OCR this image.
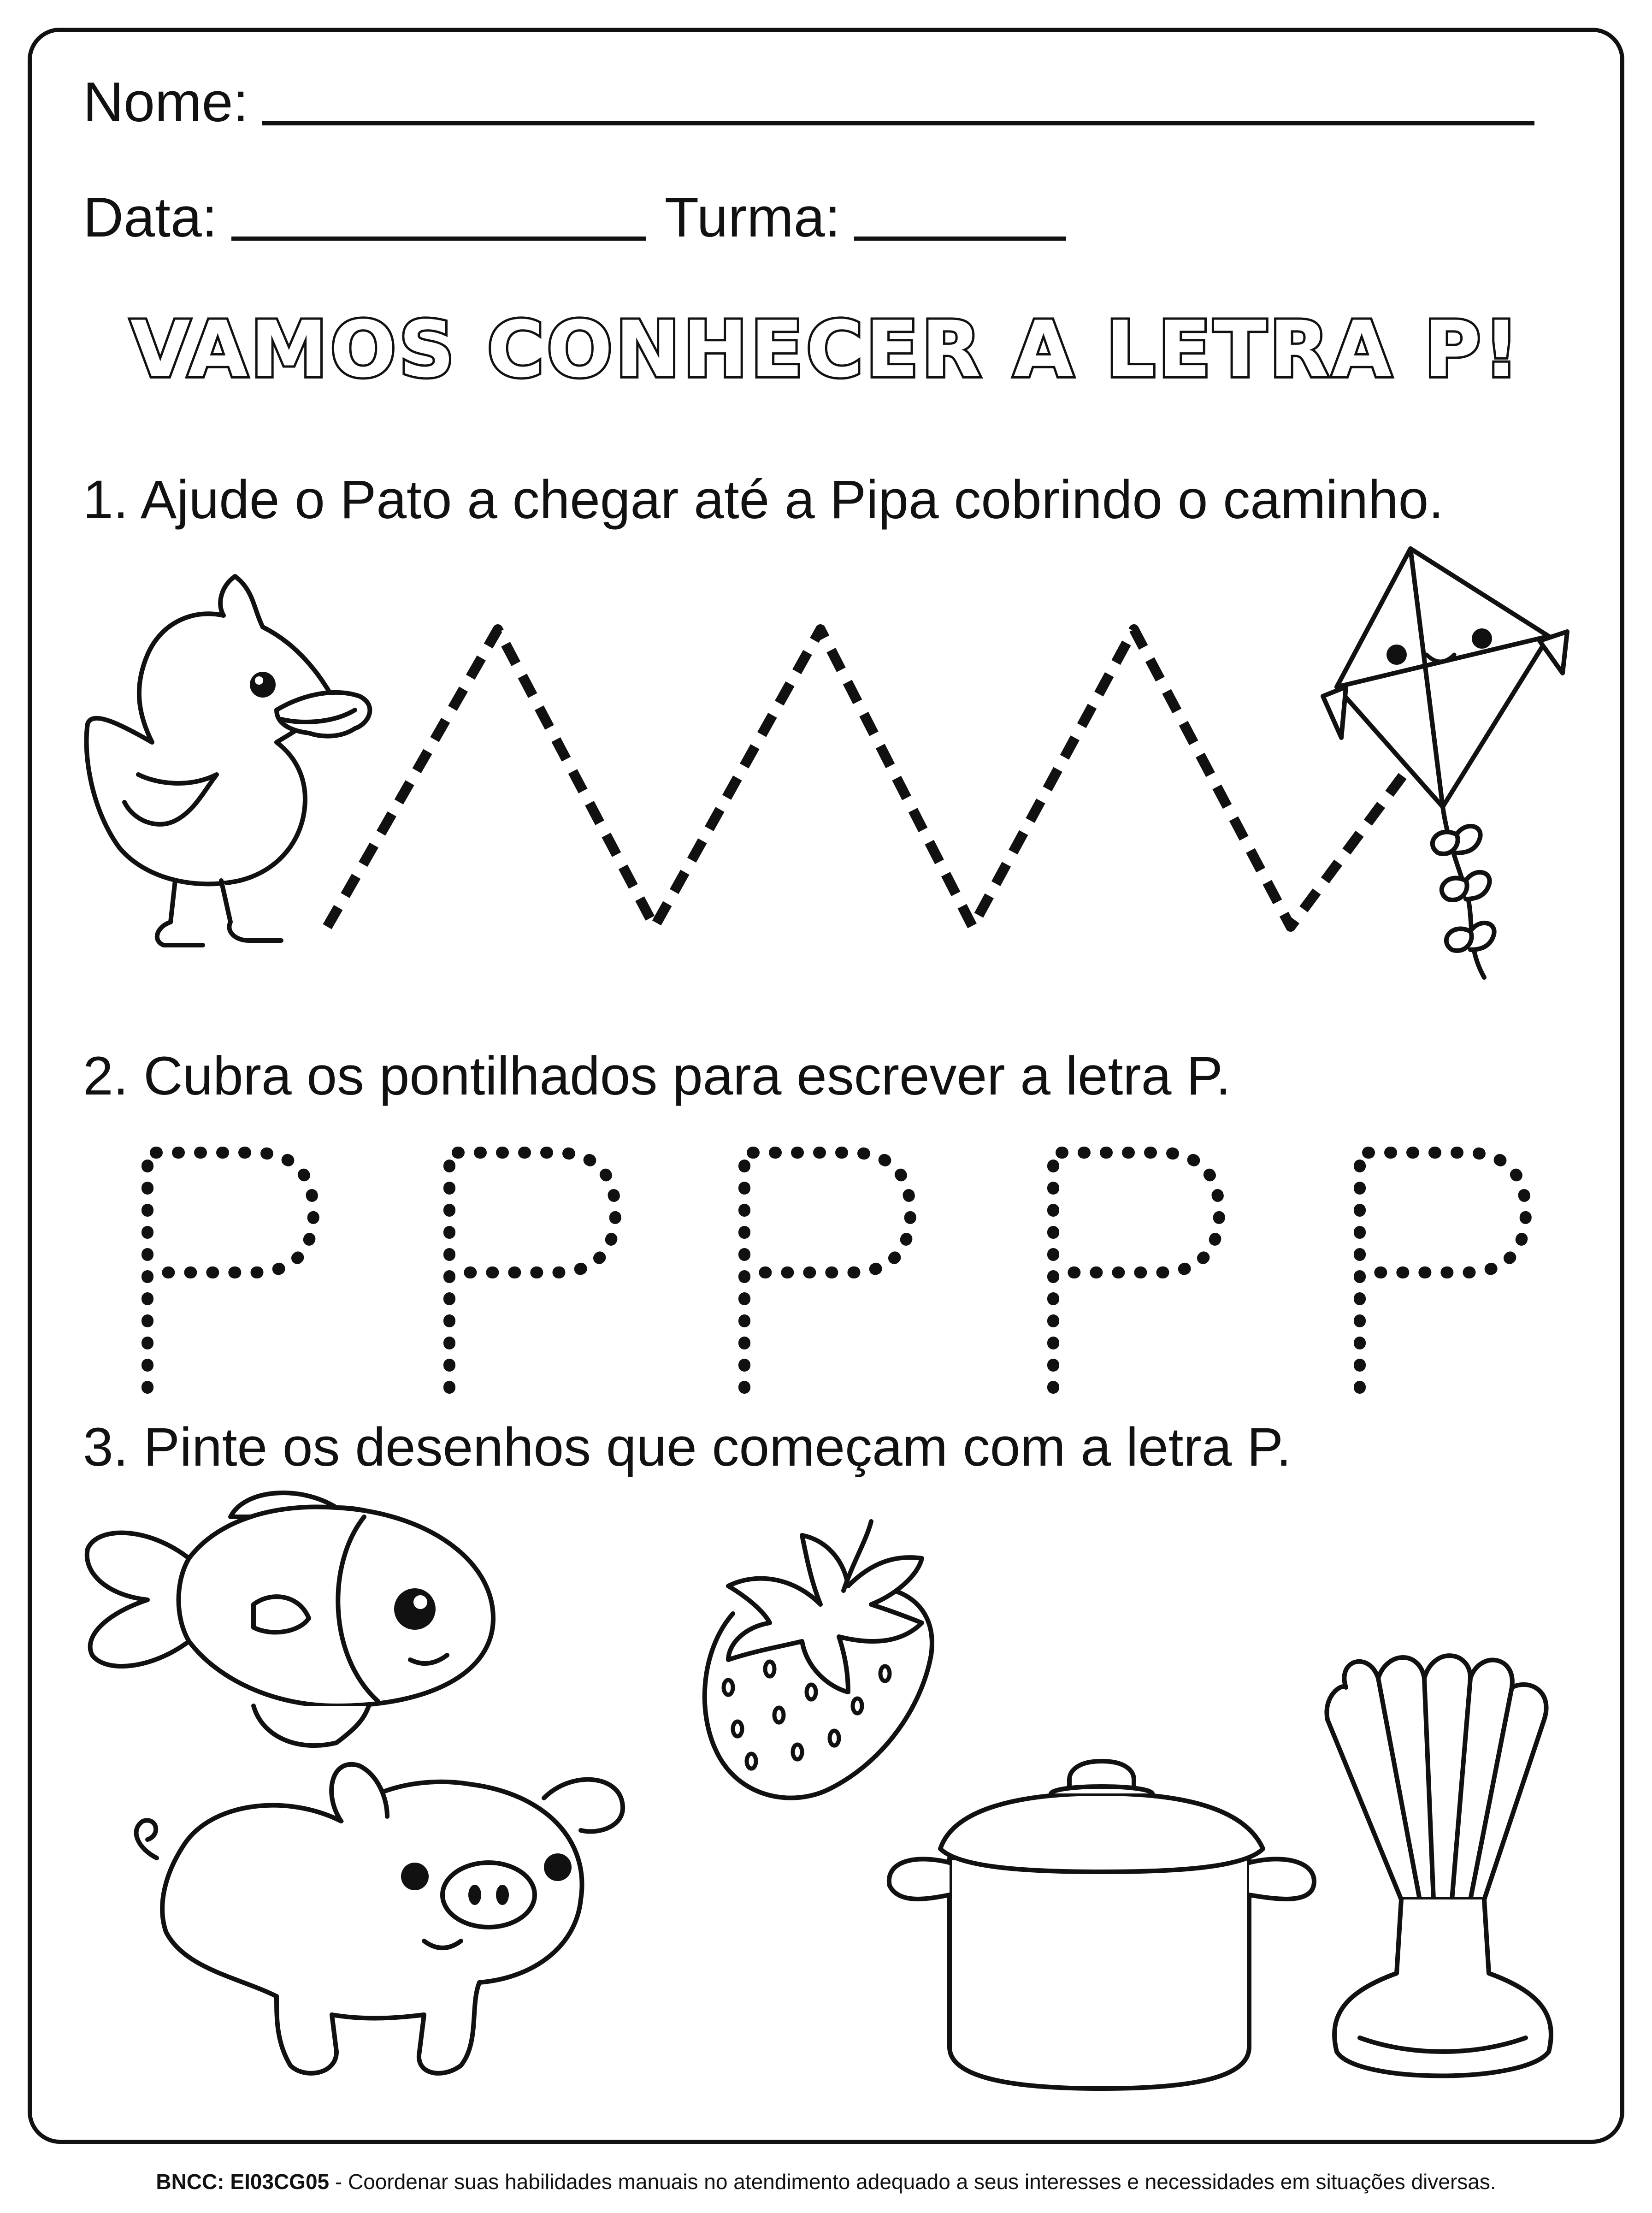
Nome:
Data:	Turma:
VAMOS CONHECER A LETRA P!
1. Ajude o Pato a chegar até a Pipa cobrindo o caminho.
2. Cubra os pontilhados para escrever a letra P.
3. Pinte os desenhos que começam com a letra P.
BNCC: EI03CG05 - Coordenar suas habilidades manuais no atendimento adequado a seus interesses e necessidades em situações diversas.
